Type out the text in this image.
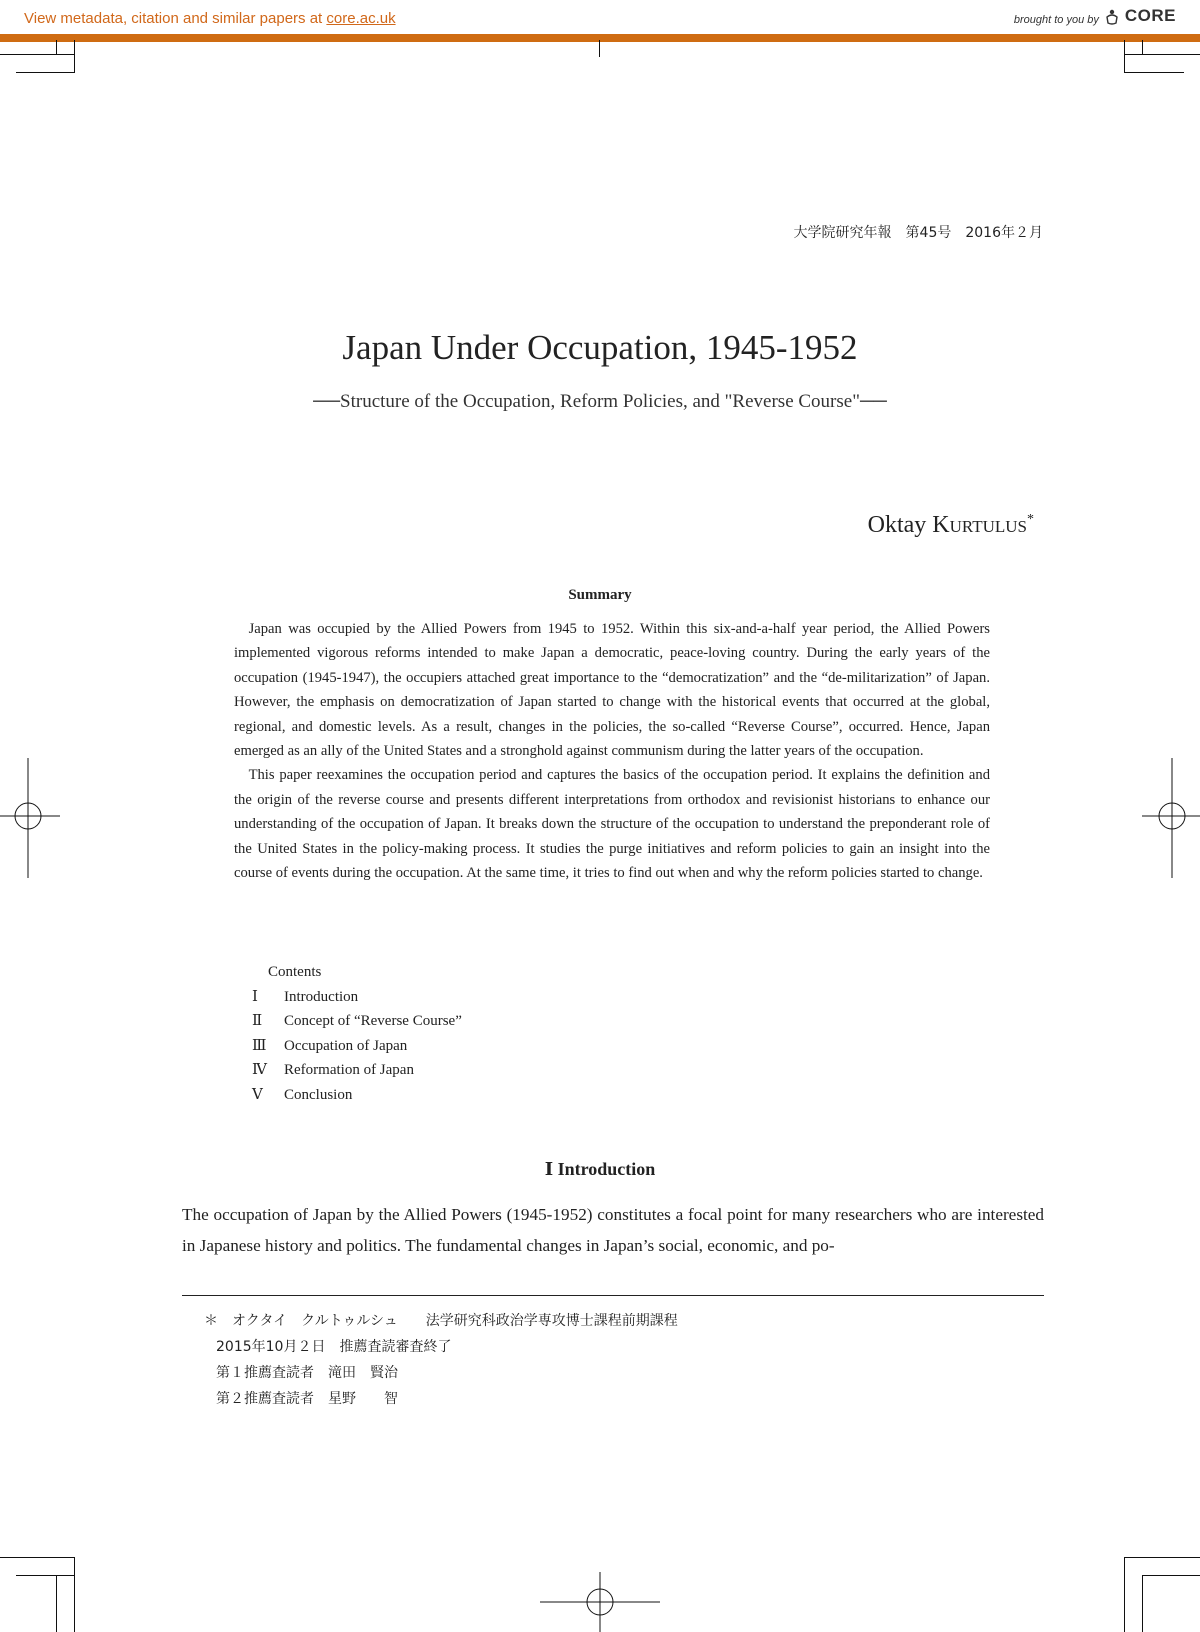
View metadata, citation and similar papers at core.ac.uk	brought to you by CORE
大学院研究年報　第45号　2016年２月
Japan Under Occupation, 1945-1952
──Structure of the Occupation, Reform Policies, and "Reverse Course"──
Oktay Kurtulus*
Summary

Japan was occupied by the Allied Powers from 1945 to 1952. Within this six-and-a-half year period, the Allied Powers implemented vigorous reforms intended to make Japan a democratic, peace-loving country. During the early years of the occupation (1945-1947), the occupiers attached great importance to the “democratization” and the “de-militarization” of Japan. However, the emphasis on democratization of Japan started to change with the historical events that occurred at the global, regional, and domestic levels. As a result, changes in the policies, the so-called “Reverse Course”, occurred. Hence, Japan emerged as an ally of the United States and a stronghold against communism during the latter years of the occupation.

This paper reexamines the occupation period and captures the basics of the occupation period. It explains the definition and the origin of the reverse course and presents different interpretations from orthodox and revisionist historians to enhance our understanding of the occupation of Japan. It breaks down the structure of the occupation to understand the preponderant role of the United States in the policy-making process. It studies the purge initiatives and reform policies to gain an insight into the course of events during the occupation. At the same time, it tries to find out when and why the reform policies started to change.

Contents
Ⅰ	Introduction
Ⅱ	Concept of “Reverse Course”
Ⅲ	Occupation of Japan
Ⅳ	Reformation of Japan
Ⅴ	Conclusion
Ⅰ Introduction
The occupation of Japan by the Allied Powers (1945-1952) constitutes a focal point for many researchers who are interested in Japanese history and politics. The fundamental changes in Japan’s social, economic, and po-
＊　オクタイ　クルトゥルシュ　　法学研究科政治学専攻博士課程前期課程
2015年10月２日　推薦査読審査終了
第１推薦査読者　滝田　賢治
第２推薦査読者　星野　　智
